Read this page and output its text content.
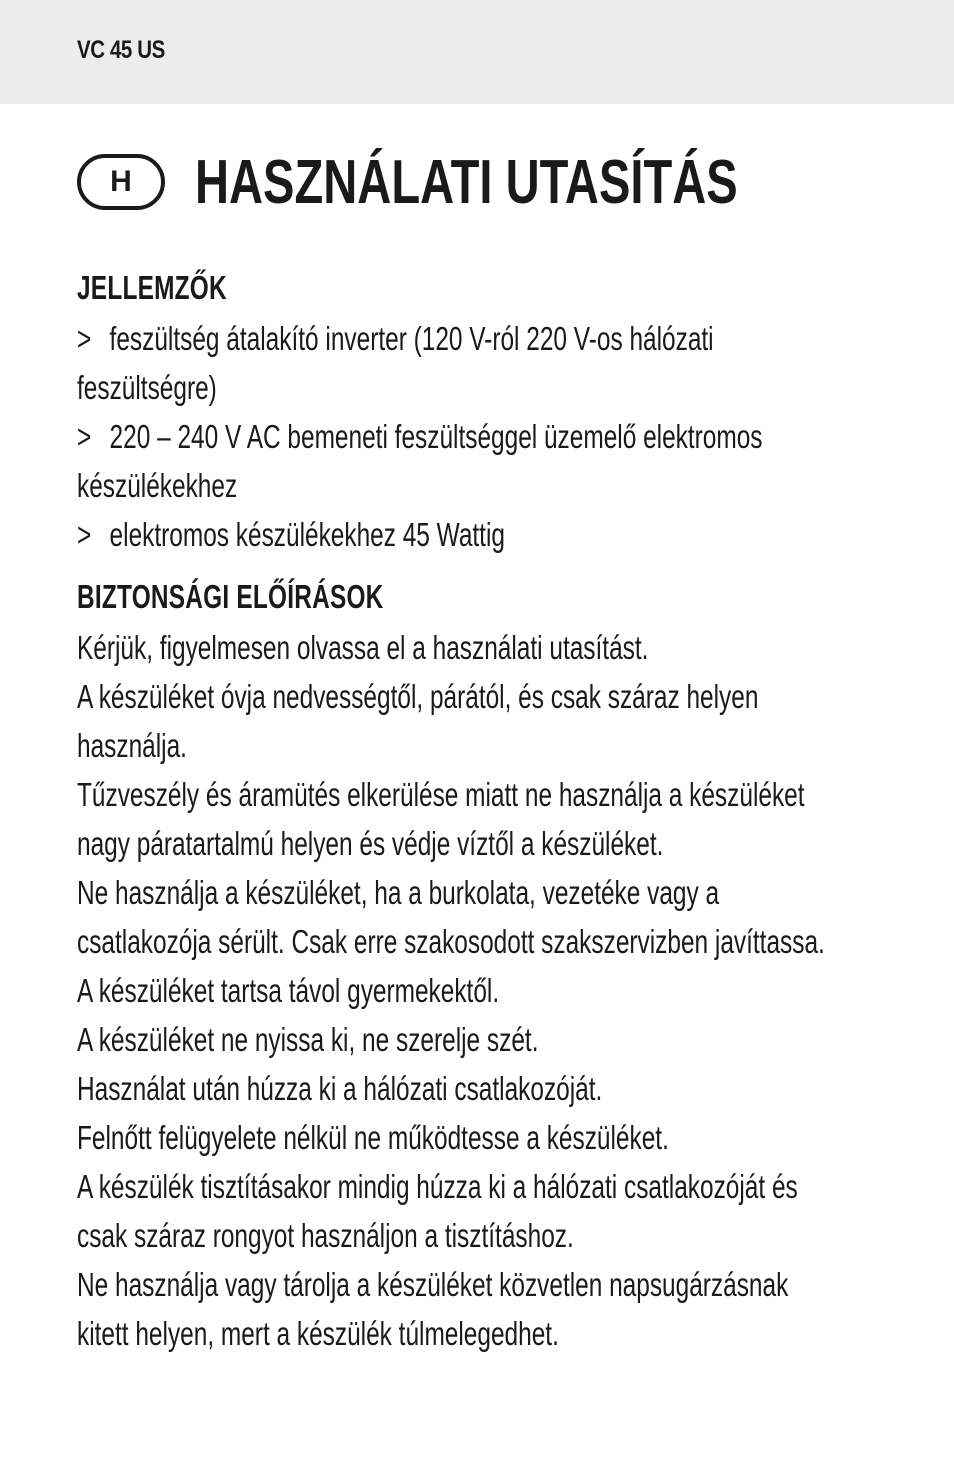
VC 45 US
H	HASZNÁLATI UTASÍTÁS
JELLEMZŐK

> feszültség átalakító inverter (120 V-ról 220 V-os hálózati

feszültségre)

> 220 – 240 V AC bemeneti feszültséggel üzemelő elektromos

készülékekhez

> elektromos készülékekhez 45 Wattig

BIZTONSÁGI ELŐÍRÁSOK

Kérjük, figyelmesen olvassa el a használati utasítást.

A készüléket óvja nedvességtől, párától, és csak száraz helyen

használja.

Tűzveszély és áramütés elkerülése miatt ne használja a készüléket

nagy páratartalmú helyen és védje víztől a készüléket.

Ne használja a készüléket, ha a burkolata, vezetéke vagy a

csatlakozója sérült. Csak erre szakosodott szakszervizben javíttassa.

A készüléket tartsa távol gyermekektől.

A készüléket ne nyissa ki, ne szerelje szét.

Használat után húzza ki a hálózati csatlakozóját.

Felnőtt felügyelete nélkül ne működtesse a készüléket.

A készülék tisztításakor mindig húzza ki a hálózati csatlakozóját és

csak száraz rongyot használjon a tisztításhoz.

Ne használja vagy tárolja a készüléket közvetlen napsugárzásnak

kitett helyen, mert a készülék túlmelegedhet.
